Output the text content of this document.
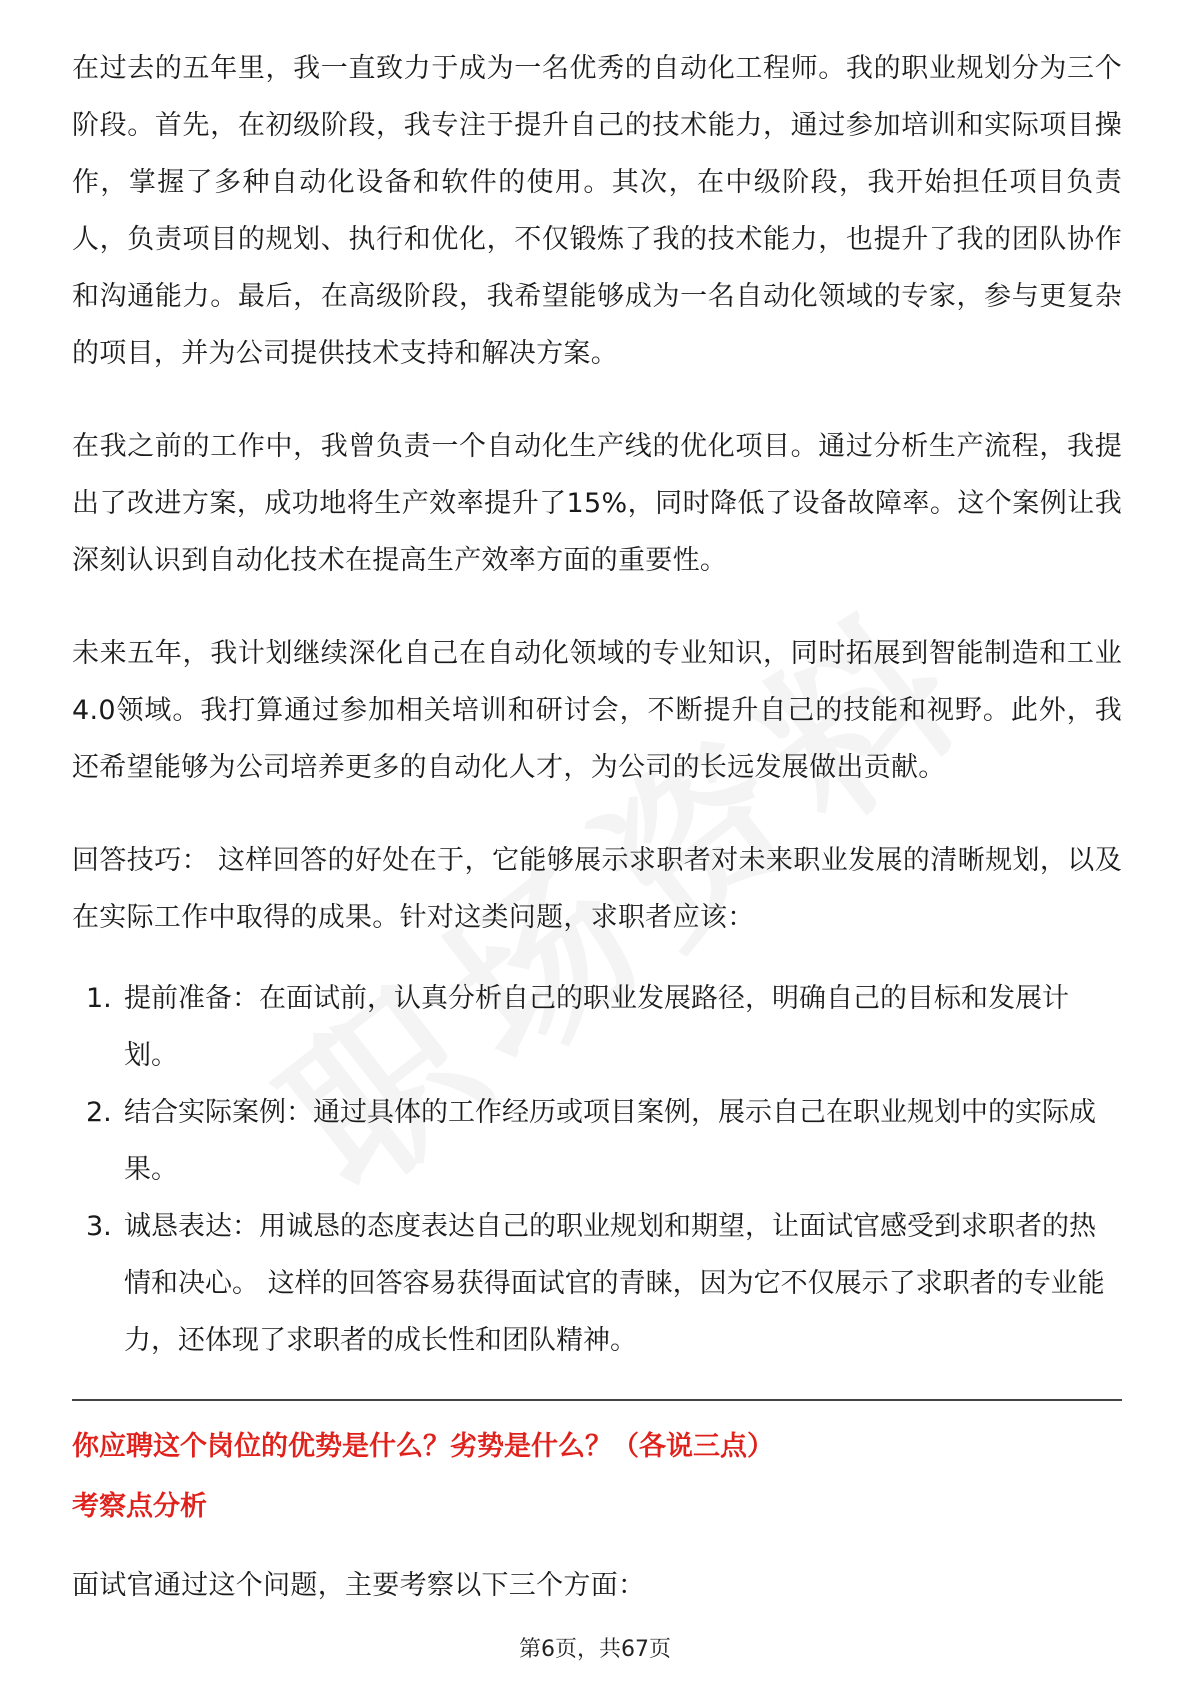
在过去的五年里，我一直致力于成为一名优秀的自动化工程师。我的职业规划分为三个阶段。首先，在初级阶段，我专注于提升自己的技术能力，通过参加培训和实际项目操作，掌握了多种自动化设备和软件的使用。其次，在中级阶段，我开始担任项目负责人，负责项目的规划、执行和优化，不仅锻炼了我的技术能力，也提升了我的团队协作和沟通能力。最后，在高级阶段，我希望能够成为一名自动化领域的专家，参与更复杂的项目，并为公司提供技术支持和解决方案。

在我之前的工作中，我曾负责一个自动化生产线的优化项目。通过分析生产流程，我提出了改进方案，成功地将生产效率提升了15%，同时降低了设备故障率。这个案例让我深刻认识到自动化技术在提高生产效率方面的重要性。

未来五年，我计划继续深化自己在自动化领域的专业知识，同时拓展到智能制造和工业4.0领域。我打算通过参加相关培训和研讨会，不断提升自己的技能和视野。此外，我还希望能够为公司培养更多的自动化人才，为公司的长远发展做出贡献。

回答技巧： 这样回答的好处在于，它能够展示求职者对未来职业发展的清晰规划，以及在实际工作中取得的成果。针对这类问题，求职者应该：

1. 提前准备：在面试前，认真分析自己的职业发展路径，明确自己的目标和发展计划。
2. 结合实际案例：通过具体的工作经历或项目案例，展示自己在职业规划中的实际成果。
3. 诚恳表达：用诚恳的态度表达自己的职业规划和期望，让面试官感受到求职者的热情和决心。 这样的回答容易获得面试官的青睐，因为它不仅展示了求职者的专业能力，还体现了求职者的成长性和团队精神。

你应聘这个岗位的优势是什么？劣势是什么？（各说三点）

考察点分析

面试官通过这个问题，主要考察以下三个方面：

第6页，共67页
